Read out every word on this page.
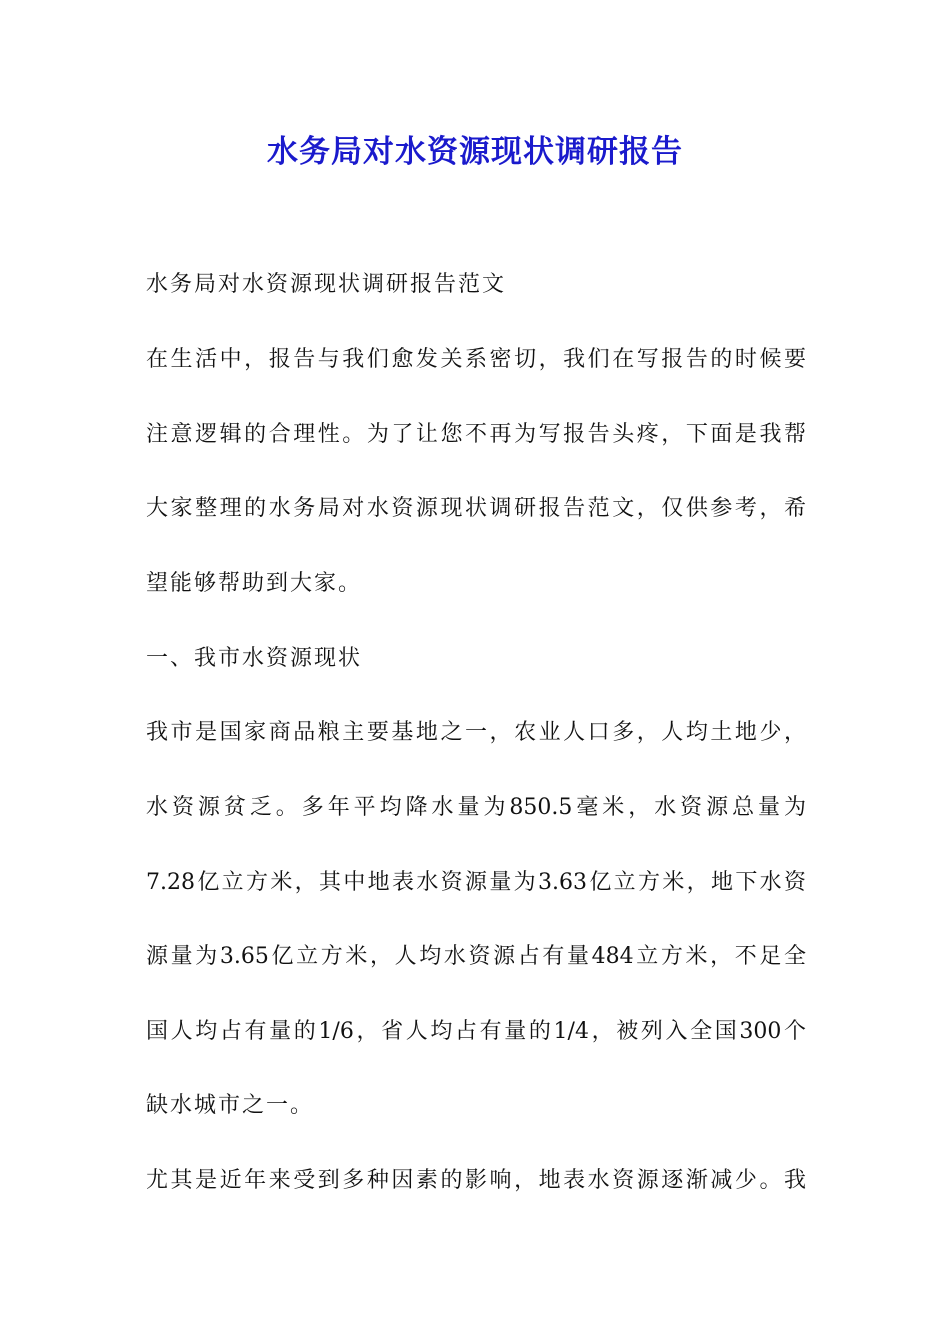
水务局对水资源现状调研报告

水务局对水资源现状调研报告范文

在生活中，报告与我们愈发关系密切，我们在写报告的时候要

注意逻辑的合理性。为了让您不再为写报告头疼，下面是我帮

大家整理的水务局对水资源现状调研报告范文，仅供参考，希

望能够帮助到大家。

一、我市水资源现状

我市是国家商品粮主要基地之一，农业人口多，人均土地少，

水资源贫乏。多年平均降水量为850.5毫米，水资源总量为

7.28亿立方米，其中地表水资源量为3.63亿立方米，地下水资

源量为3.65亿立方米，人均水资源占有量484立方米，不足全

国人均占有量的1/6，省人均占有量的1/4，被列入全国300个

缺水城市之一。

尤其是近年来受到多种因素的影响，地表水资源逐渐减少。我
